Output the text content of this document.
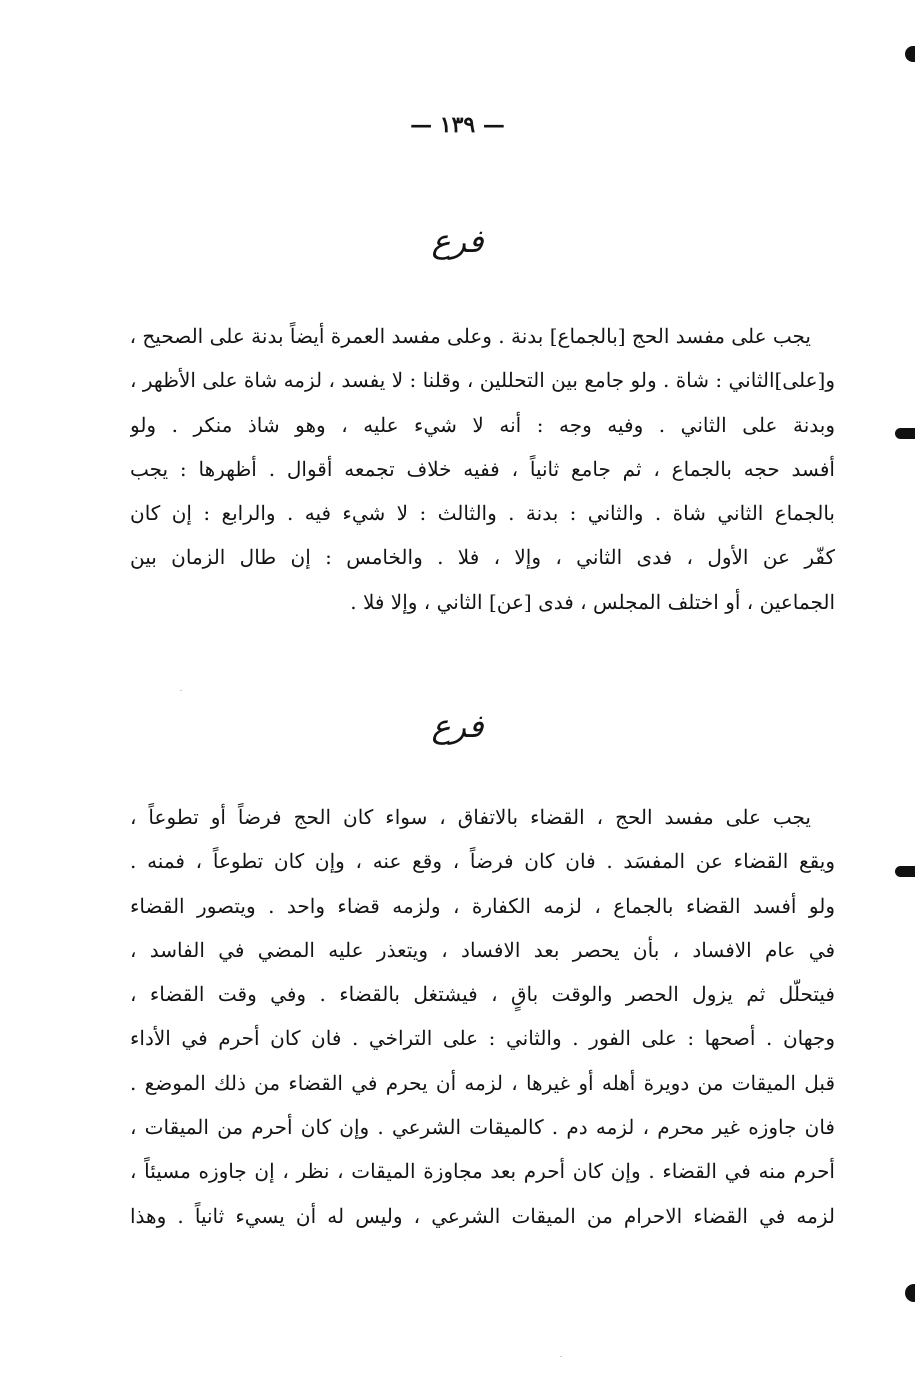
— ١٣٩ —
فرع
يجب على مفسد الحج [بالجماع] بدنة . وعلى مفسد العمرة أيضاً بدنة على الصحيح ،
و[على]الثاني : شاة . ولو جامع بين التحللين ، وقلنا : لا يفسد ، لزمه شاة على الأظهر ،
وبدنة على الثاني . وفيه وجه : أنه لا شيء عليه ، وهو شاذ منكر . ولو
أفسد حجه بالجماع ، ثم جامع ثانياً ، ففيه خلاف تجمعه أقوال . أظهرها : يجب
بالجماع الثاني شاة . والثاني : بدنة . والثالث : لا شيء فيه . والرابع : إن كان
كفّر عن الأول ، فدى الثاني ، وإلا ، فلا . والخامس : إن طال الزمان بين
الجماعين ، أو اختلف المجلس ، فدى [عن] الثاني ، وإلا فلا .
فرع
يجب على مفسد الحج ، القضاء بالاتفاق ، سواء كان الحج فرضاً أو تطوعاً ،
ويقع القضاء عن المفسَد . فان كان فرضاً ، وقع عنه ، وإن كان تطوعاً ، فمنه .
ولو أفسد القضاء بالجماع ، لزمه الكفارة ، ولزمه قضاء واحد . ويتصور القضاء
في عام الافساد ، بأن يحصر بعد الافساد ، ويتعذر عليه المضي في الفاسد ،
فيتحلّل ثم يزول الحصر والوقت باقٍ ، فيشتغل بالقضاء . وفي وقت القضاء ،
وجهان . أصحها : على الفور . والثاني : على التراخي . فان كان أحرم في الأداء
قبل الميقات من دويرة أهله أو غيرها ، لزمه أن يحرم في القضاء من ذلك الموضع .
فان جاوزه غير محرم ، لزمه دم . كالميقات الشرعي . وإن كان أحرم من الميقات ،
أحرم منه في القضاء . وإن كان أحرم بعد مجاوزة الميقات ، نظر ، إن جاوزه مسيئاً ،
لزمه في القضاء الاحرام من الميقات الشرعي ، وليس له أن يسيء ثانياً . وهذا
